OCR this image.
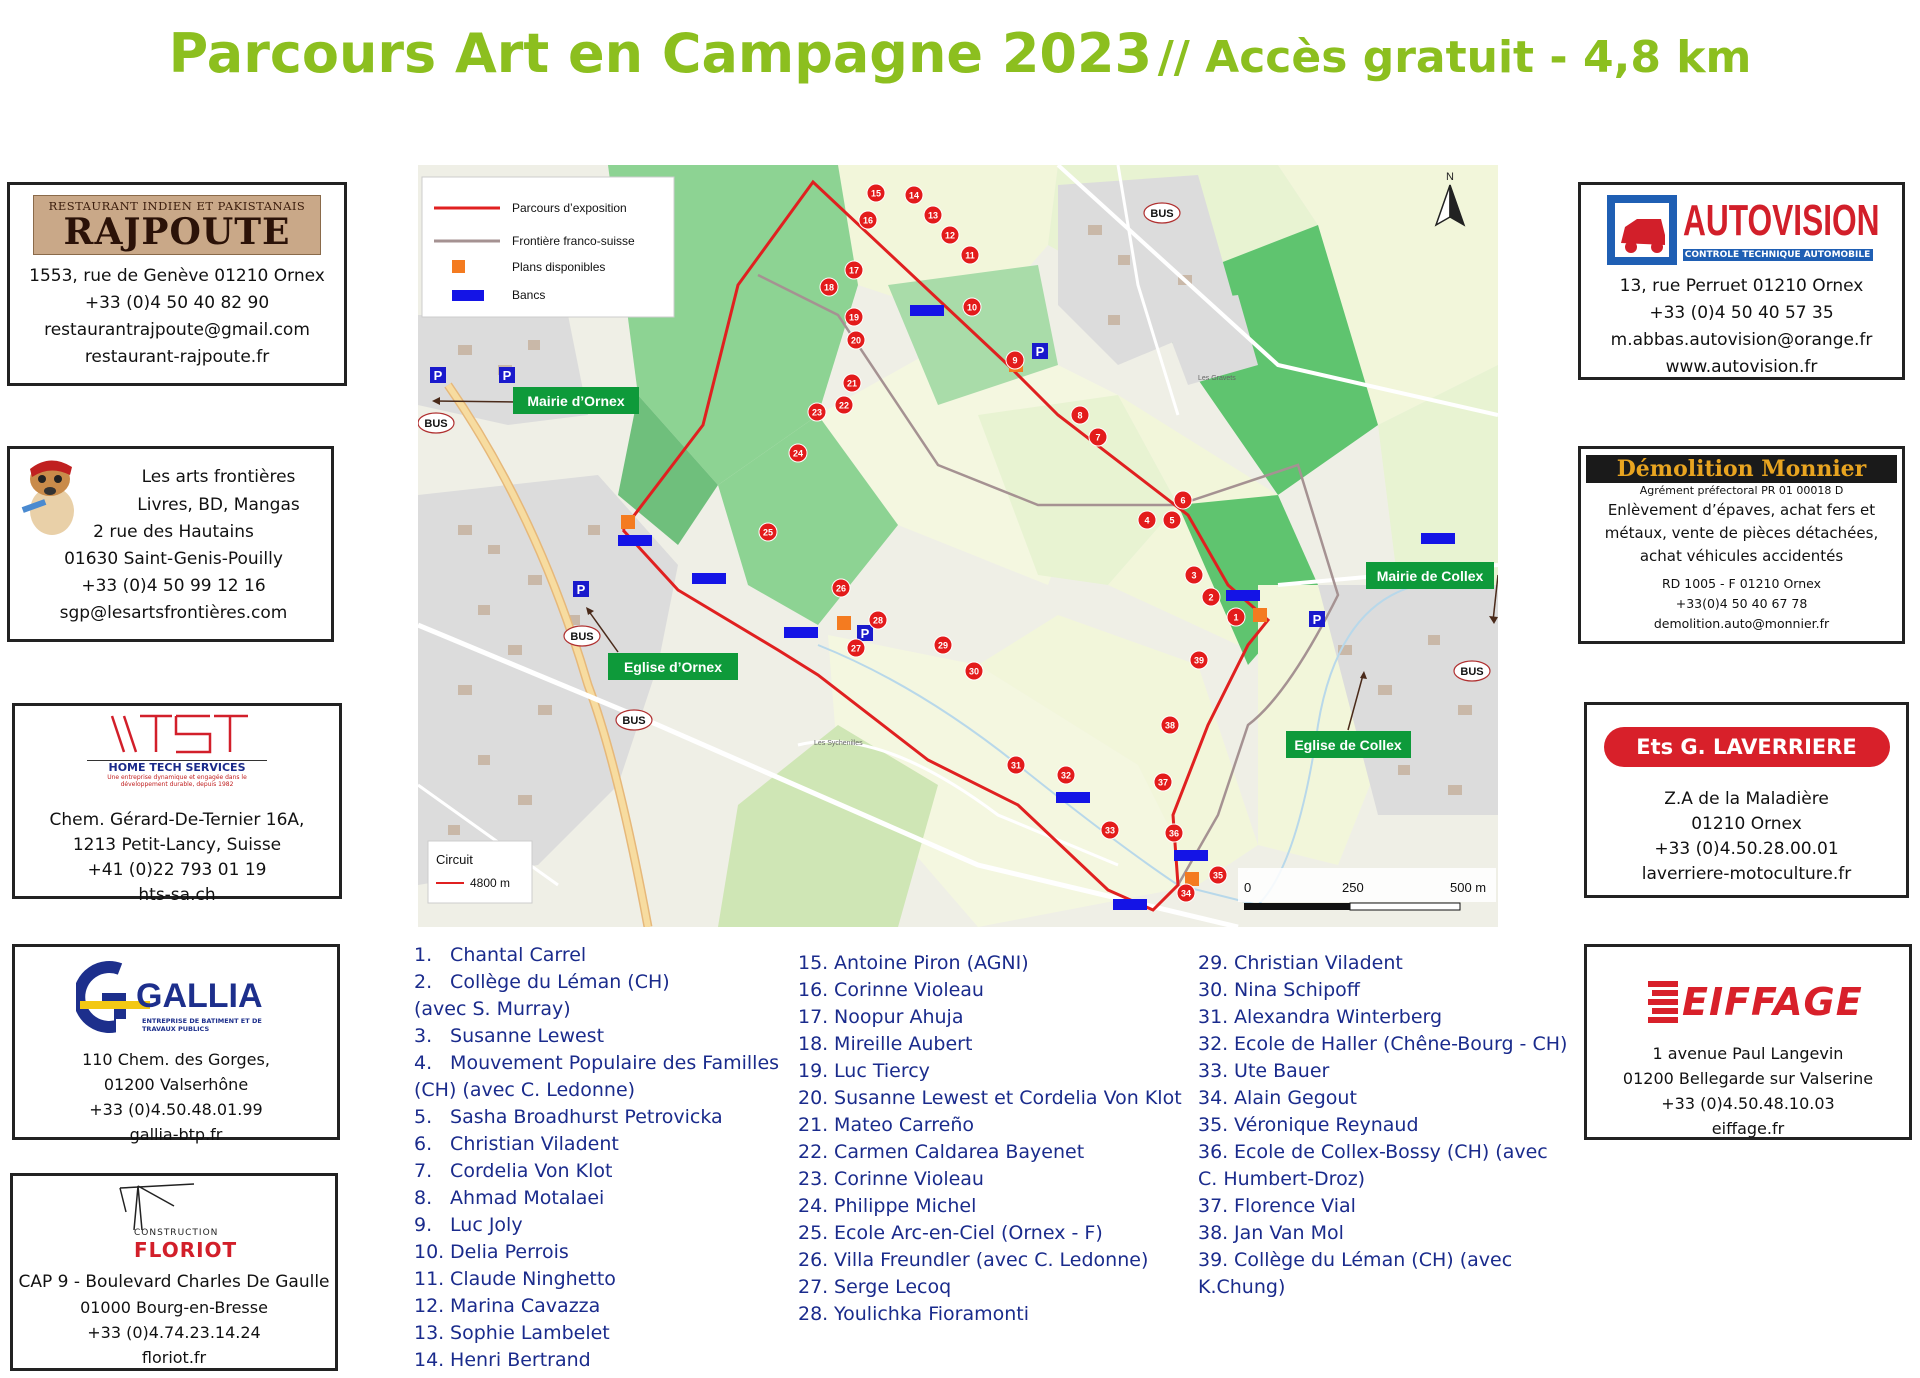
Parcours Art en Campagne 2023 // Accès gratuit - 4,8 km
RESTAURANT INDIEN ET PAKISTANAIS
RAJPOUTE
1553, rue de Genève 01210 Ornex
+33 (0)4 50 40 82 90
restaurantrajpoute@gmail.com
restaurant-rajpoute.fr
Les arts frontières
Livres, BD, Mangas
2 rue des Hautains
01630 Saint-Genis-Pouilly
+33 (0)4 50 99 12 16
sgp@lesartsfrontières.com
HOME TECH SERVICES
Une entreprise dynamique et engagée dans le développement durable, depuis 1982
Chem. Gérard-De-Ternier 16A,
1213 Petit-Lancy, Suisse
+41 (0)22 793 01 19
hts-sa.ch
GALLIA
ENTREPRISE DE BATIMENT ET DE TRAVAUX PUBLICS
110 Chem. des Gorges,
01200 Valserhône
+33 (0)4.50.48.01.99
gallia-btp.fr
CONSTRUCTION
FLORIOT
CAP 9 - Boulevard Charles De Gaulle
01000 Bourg-en-Bresse
+33 (0)4.74.23.14.24
floriot.fr
AUTOVISION
CONTROLE TECHNIQUE AUTOMOBILE
13, rue Perruet 01210 Ornex
+33 (0)4 50 40 57 35
m.abbas.autovision@orange.fr
www.autovision.fr
Démolition Monnier
Agrément préfectoral PR 01 00018 D
Enlèvement d’épaves, achat fers et
métaux, vente de pièces détachées,
achat véhicules accidentés
RD 1005 - F 01210 Ornex
+33(0)4 50 40 67 78
demolition.auto@monnier.fr
Ets G. LAVERRIERE
Z.A de la Maladière
01210 Ornex
+33 (0)4.50.28.00.01
laverriere-motoculture.fr
EIFFAGE
1 avenue Paul Langevin
01200 Bellegarde sur Valserine
+33 (0)4.50.48.10.03
eiffage.fr
P	P
P
P
P
P
BUS
BUS
BUS
BUS
BUS
Les Gravets
Les Sychenilles
Mairie d’Ornex
Eglise d’Ornex
Mairie de Collex
Eglise de Collex
1
2
3
4 5
6
7
8
9
10
11
12
13
14
15
16
17
18
19
20
21
22
23
24
25
26
27
28
29
30
31
32
33
34
35
36
37
38
39
Parcours d’exposition
Frontière franco-suisse
Plans disponibles
Bancs
N
Circuit
4800 m	0	250	500 m
1. Chantal Carrel
2. Collège du Léman (CH)
(avec S. Murray)
3. Susanne Lewest
4. Mouvement Populaire des Familles
(CH) (avec C. Ledonne)
5. Sasha Broadhurst Petrovicka
6. Christian Viladent
7. Cordelia Von Klot
8. Ahmad Motalaei
9. Luc Joly
10. Delia Perrois
11. Claude Ninghetto
12. Marina Cavazza
13. Sophie Lambelet
14. Henri Bertrand
15. Antoine Piron (AGNI)
16. Corinne Violeau
17. Noopur Ahuja
18. Mireille Aubert
19. Luc Tiercy
20. Susanne Lewest et Cordelia Von Klot
21. Mateo Carreño
22. Carmen Caldarea Bayenet
23. Corinne Violeau
24. Philippe Michel
25. Ecole Arc-en-Ciel (Ornex - F)
26. Villa Freundler (avec C. Ledonne)
27. Serge Lecoq
28. Youlichka Fioramonti
29. Christian Viladent
30. Nina Schipoff
31. Alexandra Winterberg
32. Ecole de Haller (Chêne-Bourg - CH)
33. Ute Bauer
34. Alain Gegout
35. Véronique Reynaud
36. Ecole de Collex-Bossy (CH) (avec
C. Humbert-Droz)
37. Florence Vial
38. Jan Van Mol
39. Collège du Léman (CH) (avec
K.Chung)
